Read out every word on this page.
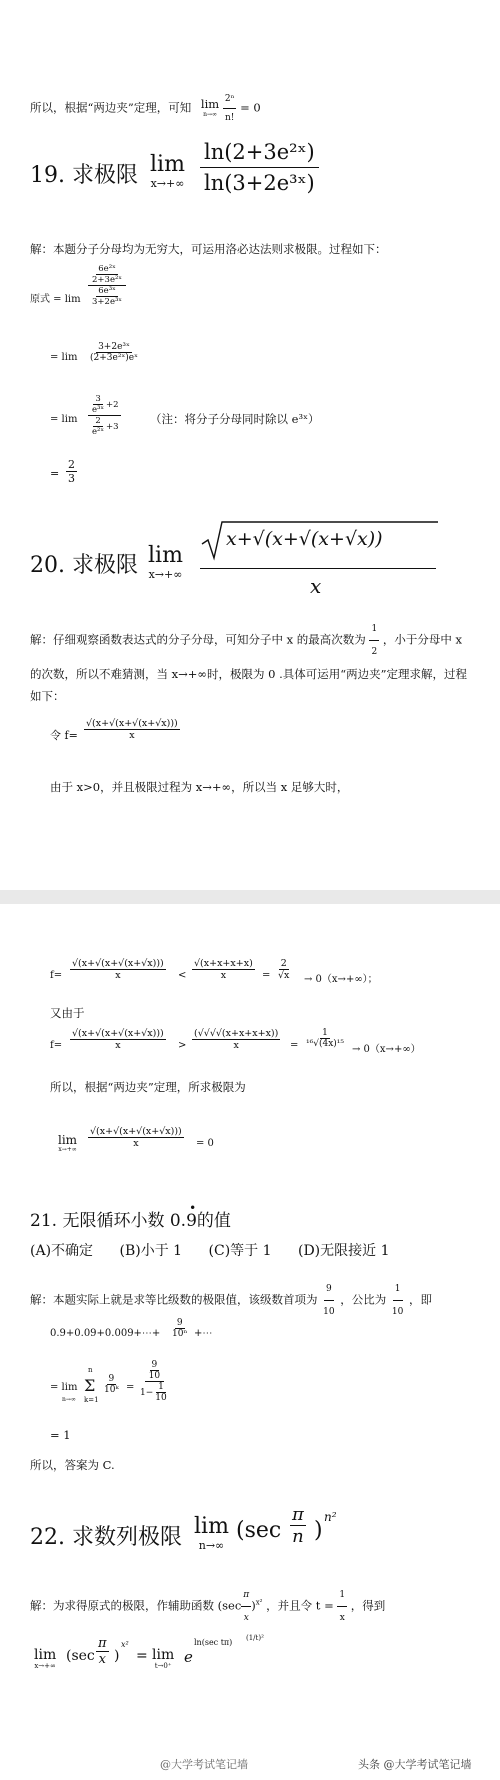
所以，根据“两边夹”定理，可知 lim
n→∞
$\frac{\text{2ⁿ}}{n!} = 0$
19. 求极限 lim
$x\to+\infty \frac{\text{ln(2+3e²ˣ)}}{\text{ln(3+2e³ˣ)}}$
解：本题分子分母均为无穷大，可运用洛必达法则求极限。过程如下：
原式 = $\lim \frac{\frac{\text{6e²ˣ}}{\text{2+3e²ˣ}}}{\frac{\text{6e³ˣ}}{\text{3+2e³ˣ}}}$
= $\lim \frac{\text{3+2e³ˣ}}{\text{(2+3e²ˣ)eˣ}}$
= $\lim \frac{\frac{3}{\text{e³ˣ}} +2}{\frac{2}{\text{e²ˣ}} +3}$	（注：将分子分母同时除以 e³ˣ）
= $\frac{2}{3}$
20. 求极限 lim
x→+∞
x+√(x+√(x+√x))
x
解：仔细观察函数表达式的分子分母，可知分子中 x 的最高次数为 $\frac{1}{2}$ ，小于分母中 x 的次数，所以不难猜测，当 x→+∞时，极限为 0 .具体可运用“两边夹”定理求解，过程如下：
令 $f= \frac{√(x+√(x+√(x+√x)))}{x}$
由于 x>0，并且极限过程为 x→+∞，所以当 x 足够大时，
$f= \frac{√(x+√(x+√(x+√x)))}{x} < \frac{√(x+x+x+x)}{x} = \frac{2}{√x} \to 0(x\to+\infty)$；
又由于
$f= \frac{√(x+√(x+√(x+√x)))}{x} > \frac{(√√√√(x+x+x+x))}{x} = \frac{1}{\text{¹⁶√(4x)¹⁵}}$
→ 0（x→+∞）
所以，根据“两边夹”定理，所求极限为
lim
x→+∞
$\frac{√(x+√(x+√(x+√x)))}{x} = 0$
21. 无限循环小数 0.
•
9的值
(A)不确定 (B)小于 1 (C)等于 1 (D)无限接近 1
解：本题实际上就是求等比级数的极限值，该级数首项为 $\frac{9}{10}$ ，公比为 $\frac{1}{10}$ ，即
0.9+0.09+0.009+⋯+ $\frac{9}{\text{10ⁿ}}$ +⋯
= lim
n→∞
n
Σ
k=1
$\frac{9}{\text{10ᵏ}} = \frac{\frac{9}{10}}{1- \frac{1}{10}}$
= 1
所以，答案为 C.
22. 求数列极限 lim
n→∞
($\sec \frac{\pi}{n}$ )
n²
解：为求得原式的极限，作辅助函数 $(\sec \frac{\pi}{x} )^{x^2}$ ，并且令 $t = \frac{1}{x}$ ，得到
lim
x→+∞
($\sec \frac{\pi}{x}$ )
x²
= lim
t→0⁺ e
ln(sec tπ) (1/t)²
@大学考试笔记墙	头条 @大学考试笔记墙
